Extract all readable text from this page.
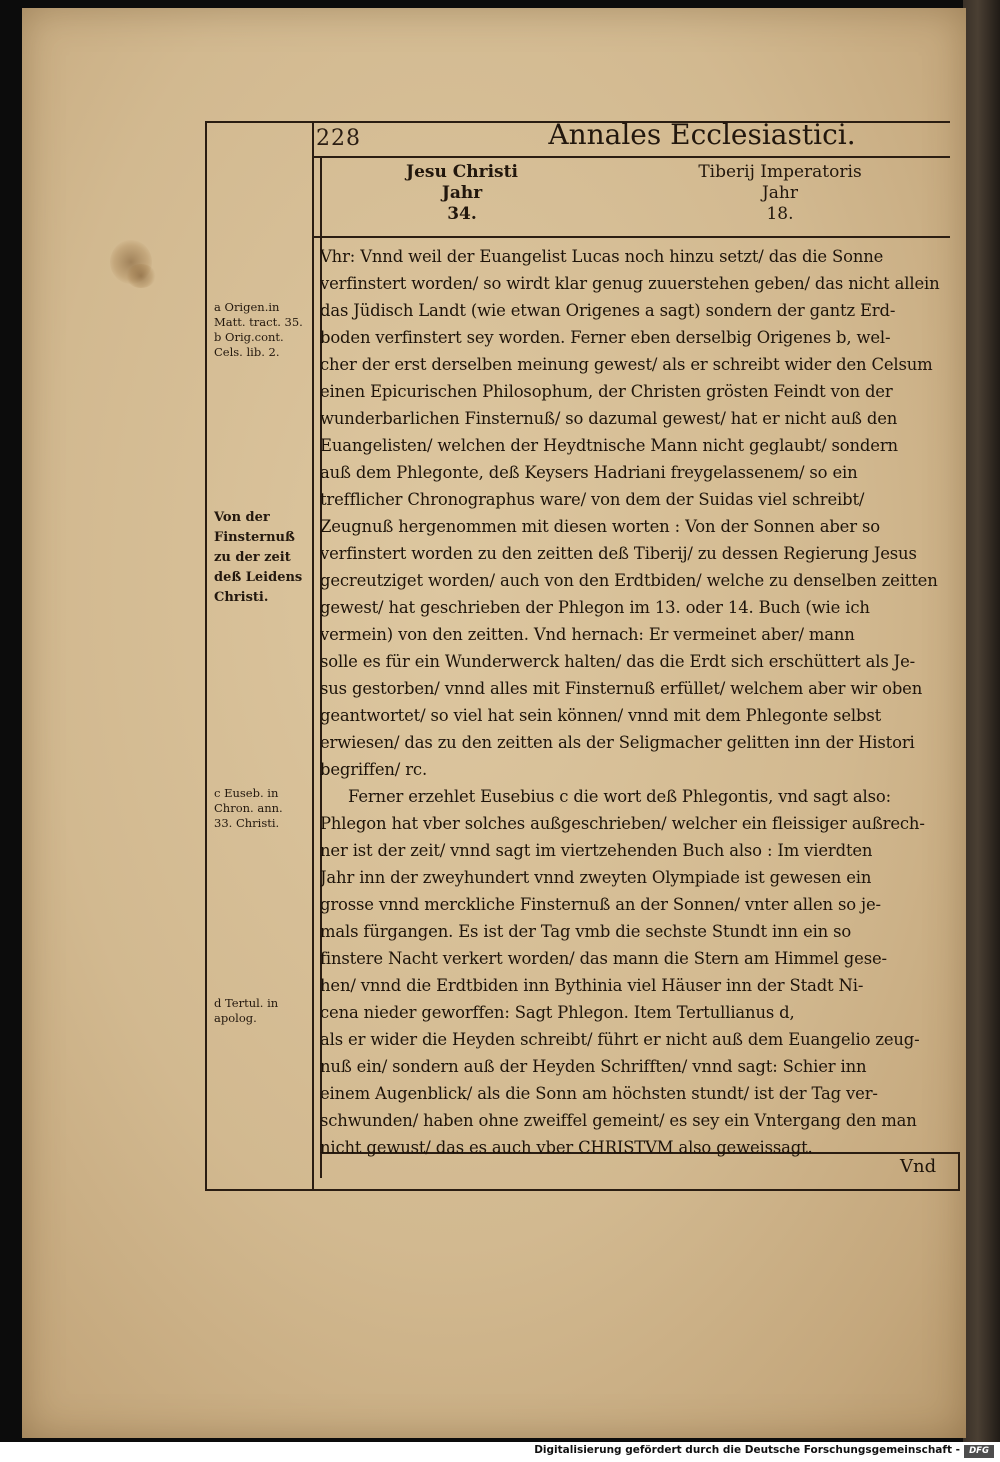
228	Annales Ecclesiastici.
Jesu Christi
Jahr
34.
Tiberij Imperatoris
Jahr
18.
a Origen.in
Matt. tract. 35.
b Orig.cont.
Cels. lib. 2.
Von der
Finsternuß
zu der zeit
deß Leidens
Christi.
c Euseb. in
Chron. ann.
33. Christi.
d Tertul. in
apolog.
Vhr: Vnnd weil der Euangelist Lucas noch hinzu setzt/ das die Sonne
verfinstert worden/ so wirdt klar genug zuuerstehen geben/ das nicht allein
das Jüdisch Landt (wie etwan Origenes a sagt) sondern der gantz Erd-
boden verfinstert sey worden. Ferner eben derselbig Origenes b, wel-
cher der erst derselben meinung gewest/ als er schreibt wider den Celsum
einen Epicurischen Philosophum, der Christen grösten Feindt von der
wunderbarlichen Finsternuß/ so dazumal gewest/ hat er nicht auß den
Euangelisten/ welchen der Heydtnische Mann nicht geglaubt/ sondern
auß dem Phlegonte, deß Keysers Hadriani freygelassenem/ so ein
trefflicher Chronographus ware/ von dem der Suidas viel schreibt/
Zeugnuß hergenommen mit diesen worten : Von der Sonnen aber so
verfinstert worden zu den zeitten deß Tiberij/ zu dessen Regierung Jesus
gecreutziget worden/ auch von den Erdtbiden/ welche zu denselben zeitten
gewest/ hat geschrieben der Phlegon im 13. oder 14. Buch (wie ich
vermein) von den zeitten. Vnd hernach: Er vermeinet aber/ mann
solle es für ein Wunderwerck halten/ das die Erdt sich erschüttert als Je-
sus gestorben/ vnnd alles mit Finsternuß erfüllet/ welchem aber wir oben
geantwortet/ so viel hat sein können/ vnnd mit dem Phlegonte selbst
erwiesen/ das zu den zeitten als der Seligmacher gelitten inn der Histori
begriffen/ rc.
Ferner erzehlet Eusebius c die wort deß Phlegontis, vnd sagt also:
Phlegon hat vber solches außgeschrieben/ welcher ein fleissiger außrech-
ner ist der zeit/ vnnd sagt im viertzehenden Buch also : Im vierdten
Jahr inn der zweyhundert vnnd zweyten Olympiade ist gewesen ein
grosse vnnd merckliche Finsternuß an der Sonnen/ vnter allen so je-
mals fürgangen. Es ist der Tag vmb die sechste Stundt inn ein so
finstere Nacht verkert worden/ das mann die Stern am Himmel gese-
hen/ vnnd die Erdtbiden inn Bythinia viel Häuser inn der Stadt Ni-
cena nieder geworffen: Sagt Phlegon. Item Tertullianus d,
als er wider die Heyden schreibt/ führt er nicht auß dem Euangelio zeug-
nuß ein/ sondern auß der Heyden Schrifften/ vnnd sagt: Schier inn
einem Augenblick/ als die Sonn am höchsten stundt/ ist der Tag ver-
schwunden/ haben ohne zweiffel gemeint/ es sey ein Vntergang den man
nicht gewust/ das es auch vber CHRISTVM also geweissagt.
Vnd
Digitalisierung gefördert durch die Deutsche Forschungsgemeinschaft -	DFG
